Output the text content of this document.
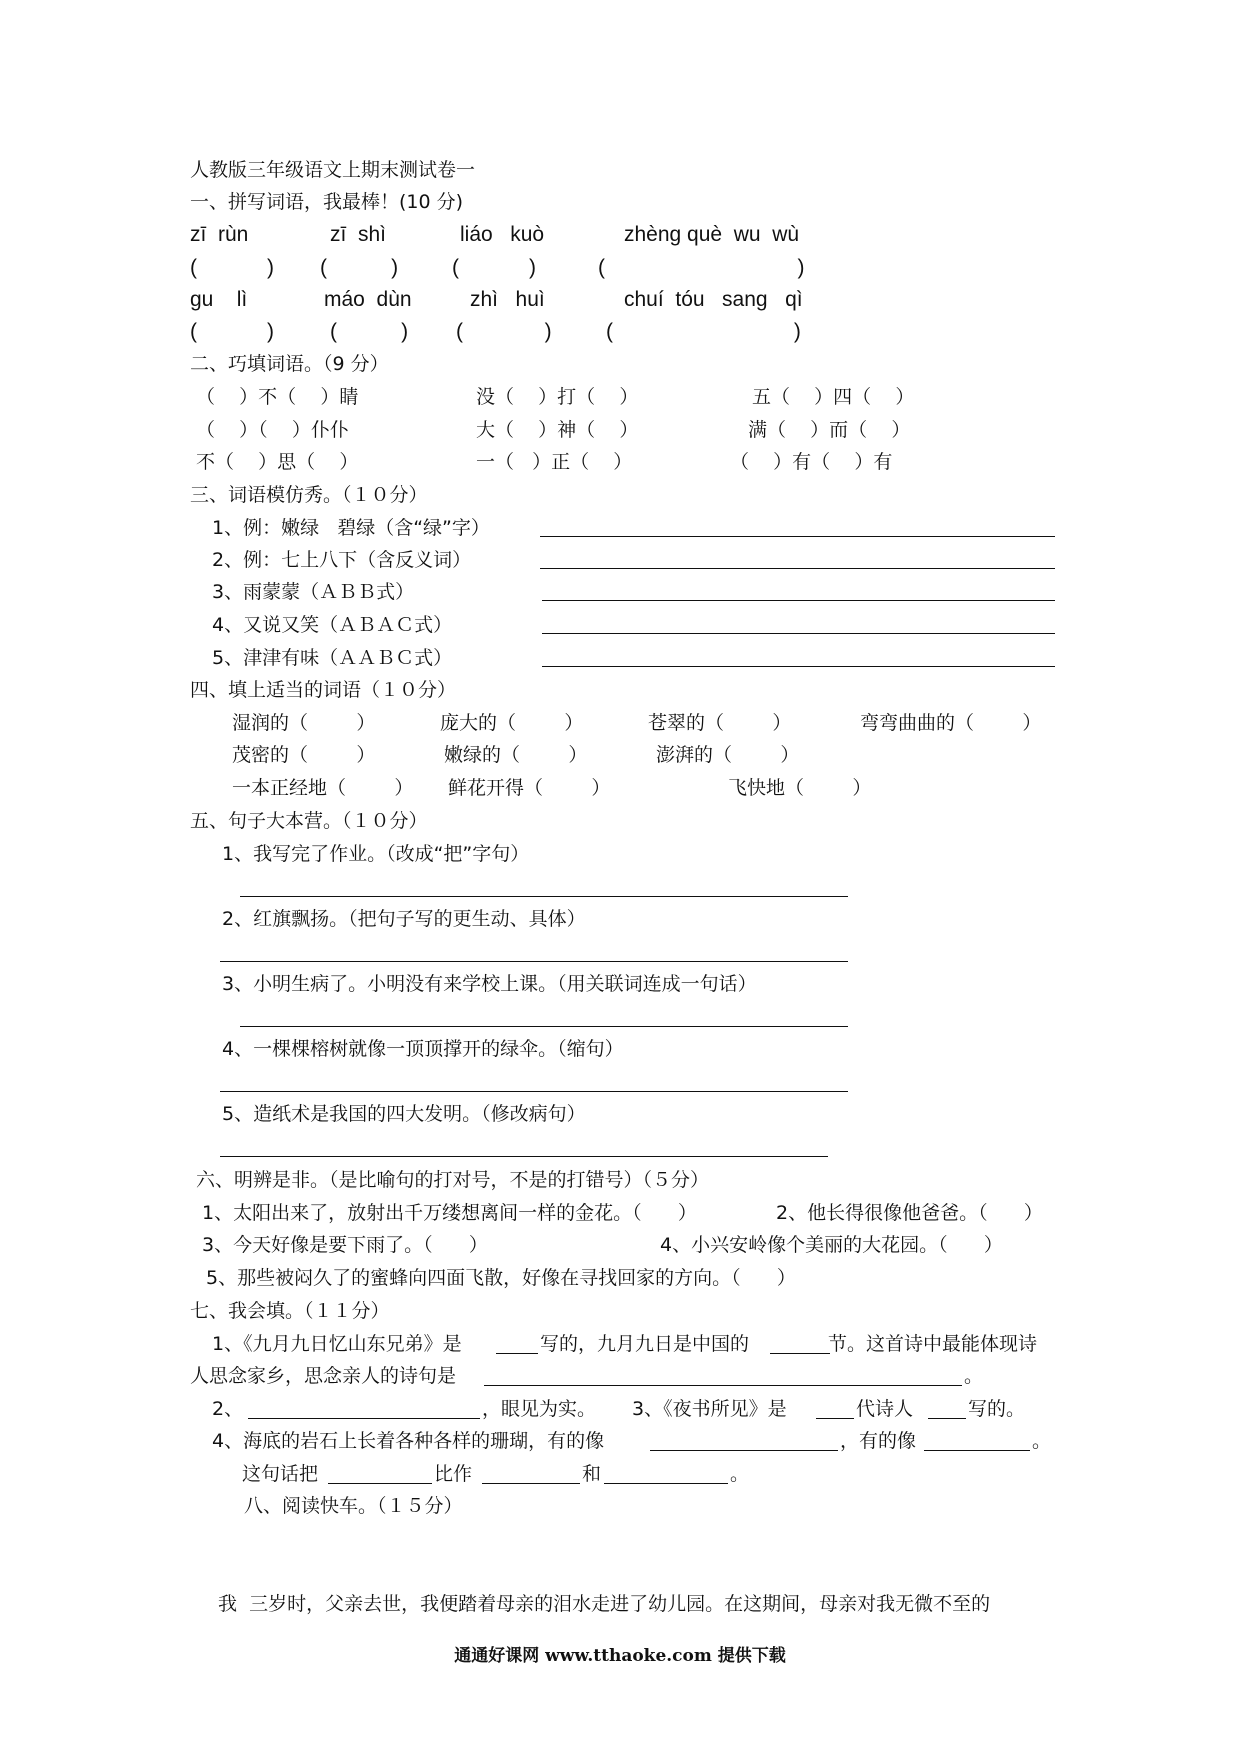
人教版三年级语文上期末测试卷一
一、拼写词语，我最棒！(10 分)
zī  rùn	zī  shì	liáo   kuò	zhèng què  wu  wù
(            ) (           )	(            )	(                                 )
gu    lì	máo  dùn	zhì   huì	chuí  tóu   sang   qì
(            )	(           ) (              )	(                               )
二、巧填词语。（9 分）
（    ）不（    ）睛	没（    ）打（    ）	五（    ）四（    ）
（    ）（    ）仆仆	大（    ）神（    ）	满（    ）而（    ）
不（    ）思（    ）	一（   ）正（    ）	（    ）有（    ）有
三、词语模仿秀。（１０分）
1、例：嫩绿   碧绿（含“绿”字）
2、例：七上八下（含反义词）
3、雨蒙蒙（ＡＢＢ式）
4、又说又笑（ＡＢＡＣ式）
5、津津有味（ＡＡＢＣ式）
四、填上适当的词语（１０分）
湿润的（        ）	庞大的（        ）	苍翠的（        ）	弯弯曲曲的（        ）
茂密的（        ）	嫩绿的（        ）	澎湃的（        ）
一本正经地（        ） 鲜花开得（        ）	飞快地（        ）
五、句子大本营。（１０分）
1、我写完了作业。（改成“把”字句）
2、红旗飘扬。（把句子写的更生动、具体）
3、小明生病了。小明没有来学校上课。（用关联词连成一句话）
4、一棵棵榕树就像一顶顶撑开的绿伞。（缩句）
5、造纸术是我国的四大发明。（修改病句）
六、明辨是非。（是比喻句的打对号，不是的打错号）（５分）
1、太阳出来了，放射出千万缕想离间一样的金花。（      ）	2、他长得很像他爸爸。（      ）
3、今天好像是要下雨了。（      ）	4、小兴安岭像个美丽的大花园。（      ）
5、那些被闷久了的蜜蜂向四面飞散，好像在寻找回家的方向。（      ）
七、我会填。（１１分）
1、《九月九日忆山东兄弟》是	写的，九月九日是中国的	节。这首诗中最能体现诗
人思念家乡，思念亲人的诗句是	。
2、	，眼见为实。 3、《夜书所见》是	代诗人	写的。
4、海底的岩石上长着各种各样的珊瑚，有的像	，有的像	。
这句话把	比作	和	。
八、阅读快车。（１５分）
我  三岁时，父亲去世，我便踏着母亲的泪水走进了幼儿园。在这期间，母亲对我无微不至的
通通好课网 www.tthaoke.com 提供下载
